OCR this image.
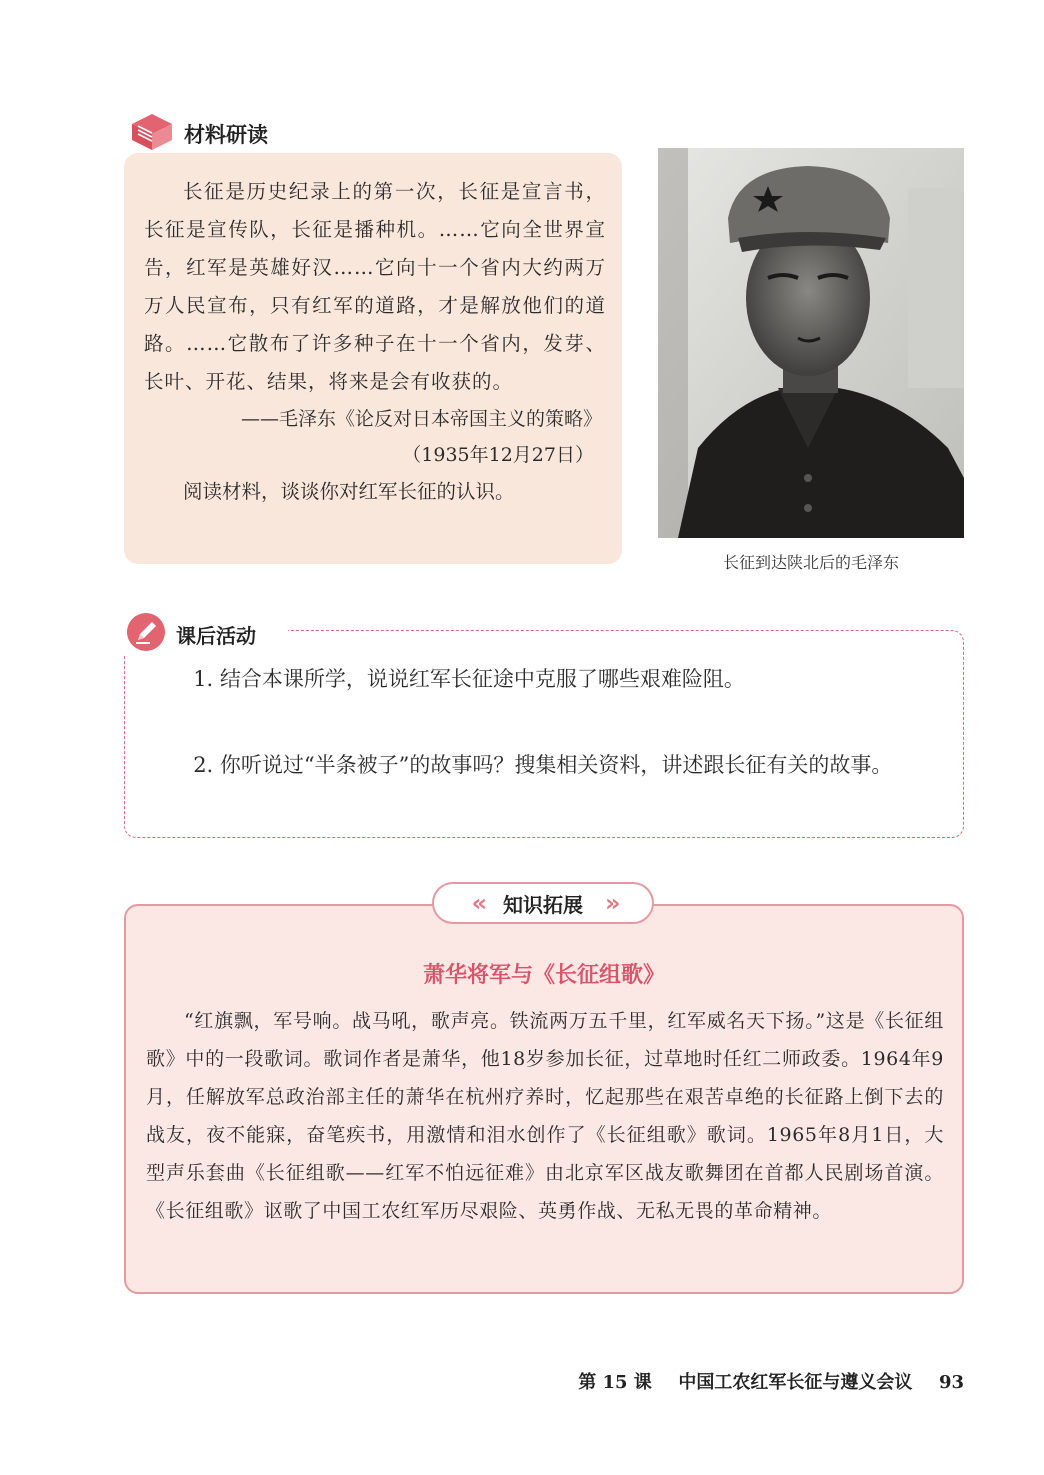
材料研读

长征是历史纪录上的第一次，长征是宣言书，长征是宣传队，长征是播种机。……它向全世界宣告，红军是英雄好汉……它向十一个省内大约两万万人民宣布，只有红军的道路，才是解放他们的道路。……它散布了许多种子在十一个省内，发芽、长叶、开花、结果，将来是会有收获的。

——毛泽东《论反对日本帝国主义的策略》

（1935年12月27日）

阅读材料，谈谈你对红军长征的认识。

长征到达陕北后的毛泽东

1. 结合本课所学，说说红军长征途中克服了哪些艰难险阻。

2. 你听说过“半条被子”的故事吗？搜集相关资料，讲述跟长征有关的故事。

课后活动
« 知识拓展 »
萧华将军与《长征组歌》

“红旗飘，军号响。战马吼，歌声亮。铁流两万五千里，红军威名天下扬。”这是《长征组歌》中的一段歌词。歌词作者是萧华，他18岁参加长征，过草地时任红二师政委。1964年9月，任解放军总政治部主任的萧华在杭州疗养时，忆起那些在艰苦卓绝的长征路上倒下去的战友，夜不能寐，奋笔疾书，用激情和泪水创作了《长征组歌》歌词。1965年8月1日，大型声乐套曲《长征组歌——红军不怕远征难》由北京军区战友歌舞团在首都人民剧场首演。《长征组歌》讴歌了中国工农红军历尽艰险、英勇作战、无私无畏的革命精神。

第 15 课 中国工农红军长征与遵义会议 93
